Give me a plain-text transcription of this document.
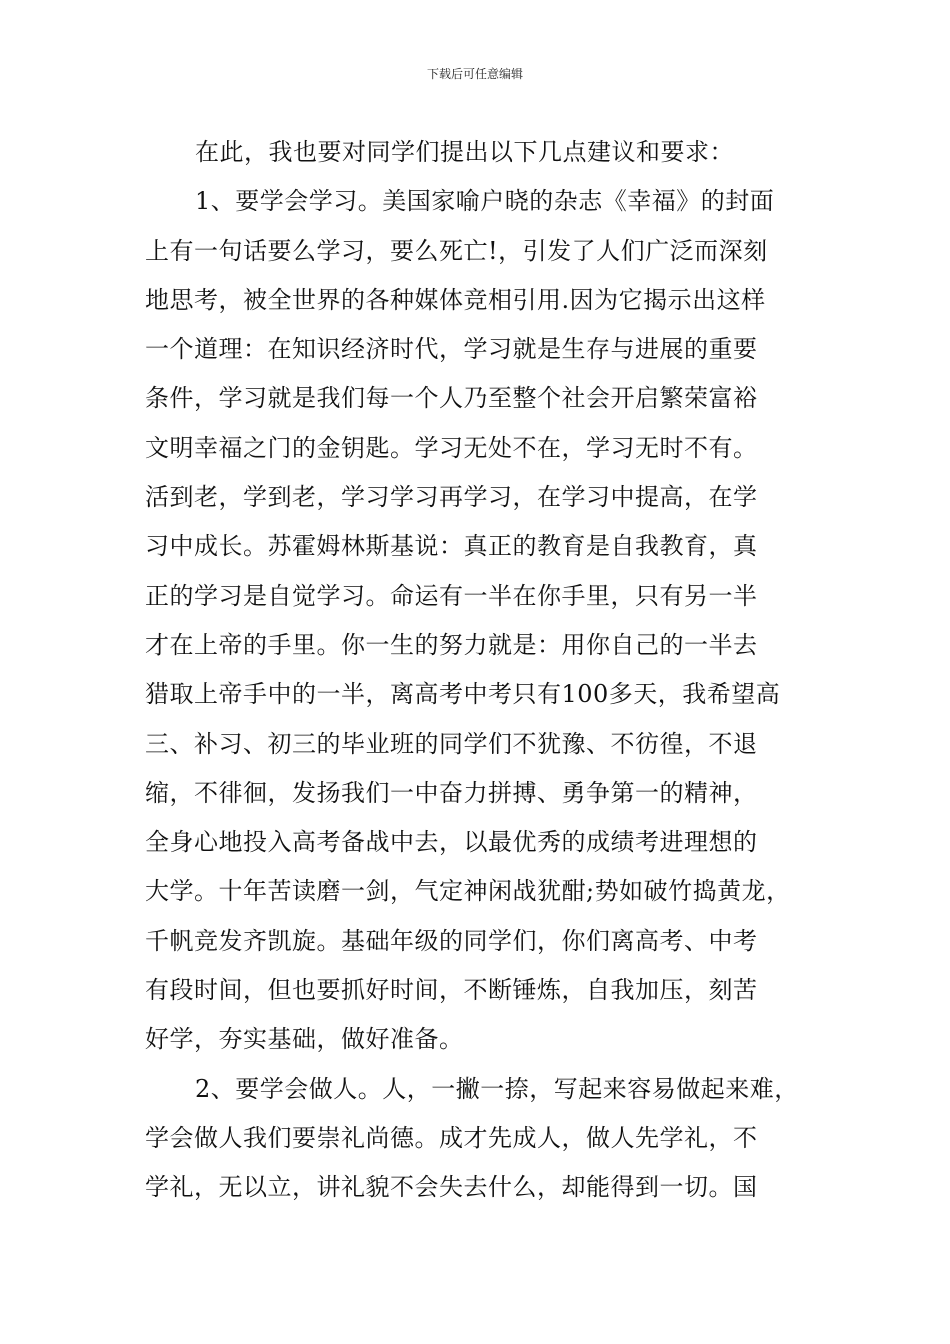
下载后可任意编辑
在此，我也要对同学们提出以下几点建议和要求：
1、要学会学习。美国家喻户晓的杂志《幸福》的封面
上有一句话要么学习，要么死亡!，引发了人们广泛而深刻
地思考，被全世界的各种媒体竞相引用.因为它揭示出这样
一个道理：在知识经济时代，学习就是生存与进展的重要
条件，学习就是我们每一个人乃至整个社会开启繁荣富裕
文明幸福之门的金钥匙。学习无处不在，学习无时不有。
活到老，学到老，学习学习再学习，在学习中提高，在学
习中成长。苏霍姆林斯基说：真正的教育是自我教育，真
正的学习是自觉学习。命运有一半在你手里，只有另一半
才在上帝的手里。你一生的努力就是：用你自己的一半去
猎取上帝手中的一半，离高考中考只有100多天，我希望高
三、补习、初三的毕业班的同学们不犹豫、不彷徨，不退
缩，不徘徊，发扬我们一中奋力拼搏、勇争第一的精神，
全身心地投入高考备战中去，以最优秀的成绩考进理想的
大学。十年苦读磨一剑，气定神闲战犹酣;势如破竹捣黄龙，
千帆竞发齐凯旋。基础年级的同学们，你们离高考、中考
有段时间，但也要抓好时间，不断锤炼，自我加压，刻苦
好学，夯实基础，做好准备。
2、要学会做人。人，一撇一捺，写起来容易做起来难，
学会做人我们要崇礼尚德。成才先成人，做人先学礼，不
学礼，无以立，讲礼貌不会失去什么，却能得到一切。国
